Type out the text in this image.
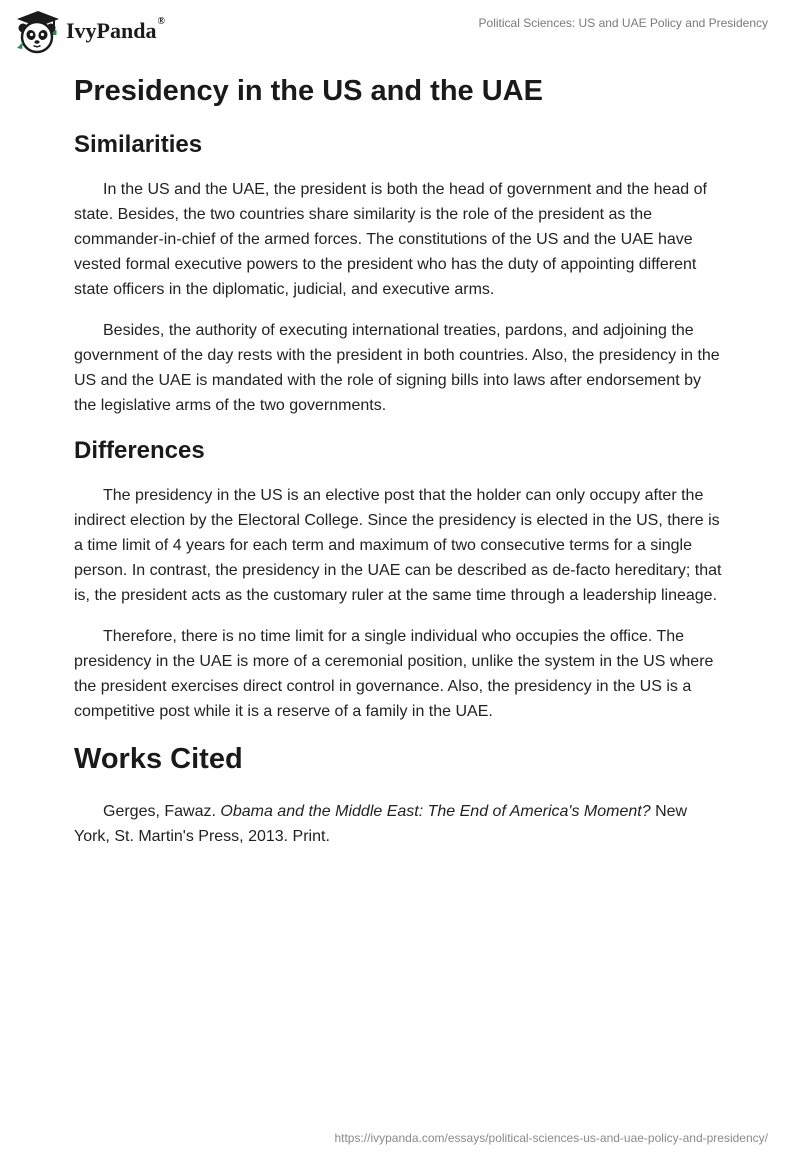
IvyPanda®	Political Sciences: US and UAE Policy and Presidency
Presidency in the US and the UAE
Similarities

In the US and the UAE, the president is both the head of government and the head of state. Besides, the two countries share similarity is the role of the president as the commander-in-chief of the armed forces. The constitutions of the US and the UAE have vested formal executive powers to the president who has the duty of appointing different state officers in the diplomatic, judicial, and executive arms.

Besides, the authority of executing international treaties, pardons, and adjoining the government of the day rests with the president in both countries. Also, the presidency in the US and the UAE is mandated with the role of signing bills into laws after endorsement by the legislative arms of the two governments.

Differences

The presidency in the US is an elective post that the holder can only occupy after the indirect election by the Electoral College. Since the presidency is elected in the US, there is a time limit of 4 years for each term and maximum of two consecutive terms for a single person. In contrast, the presidency in the UAE can be described as de-facto hereditary; that is, the president acts as the customary ruler at the same time through a leadership lineage.

Therefore, there is no time limit for a single individual who occupies the office. The presidency in the UAE is more of a ceremonial position, unlike the system in the US where the president exercises direct control in governance. Also, the presidency in the US is a competitive post while it is a reserve of a family in the UAE.

Works Cited

Gerges, Fawaz. Obama and the Middle East: The End of America's Moment? New York, St. Martin's Press, 2013. Print.

https://ivypanda.com/essays/political-sciences-us-and-uae-policy-and-presidency/
